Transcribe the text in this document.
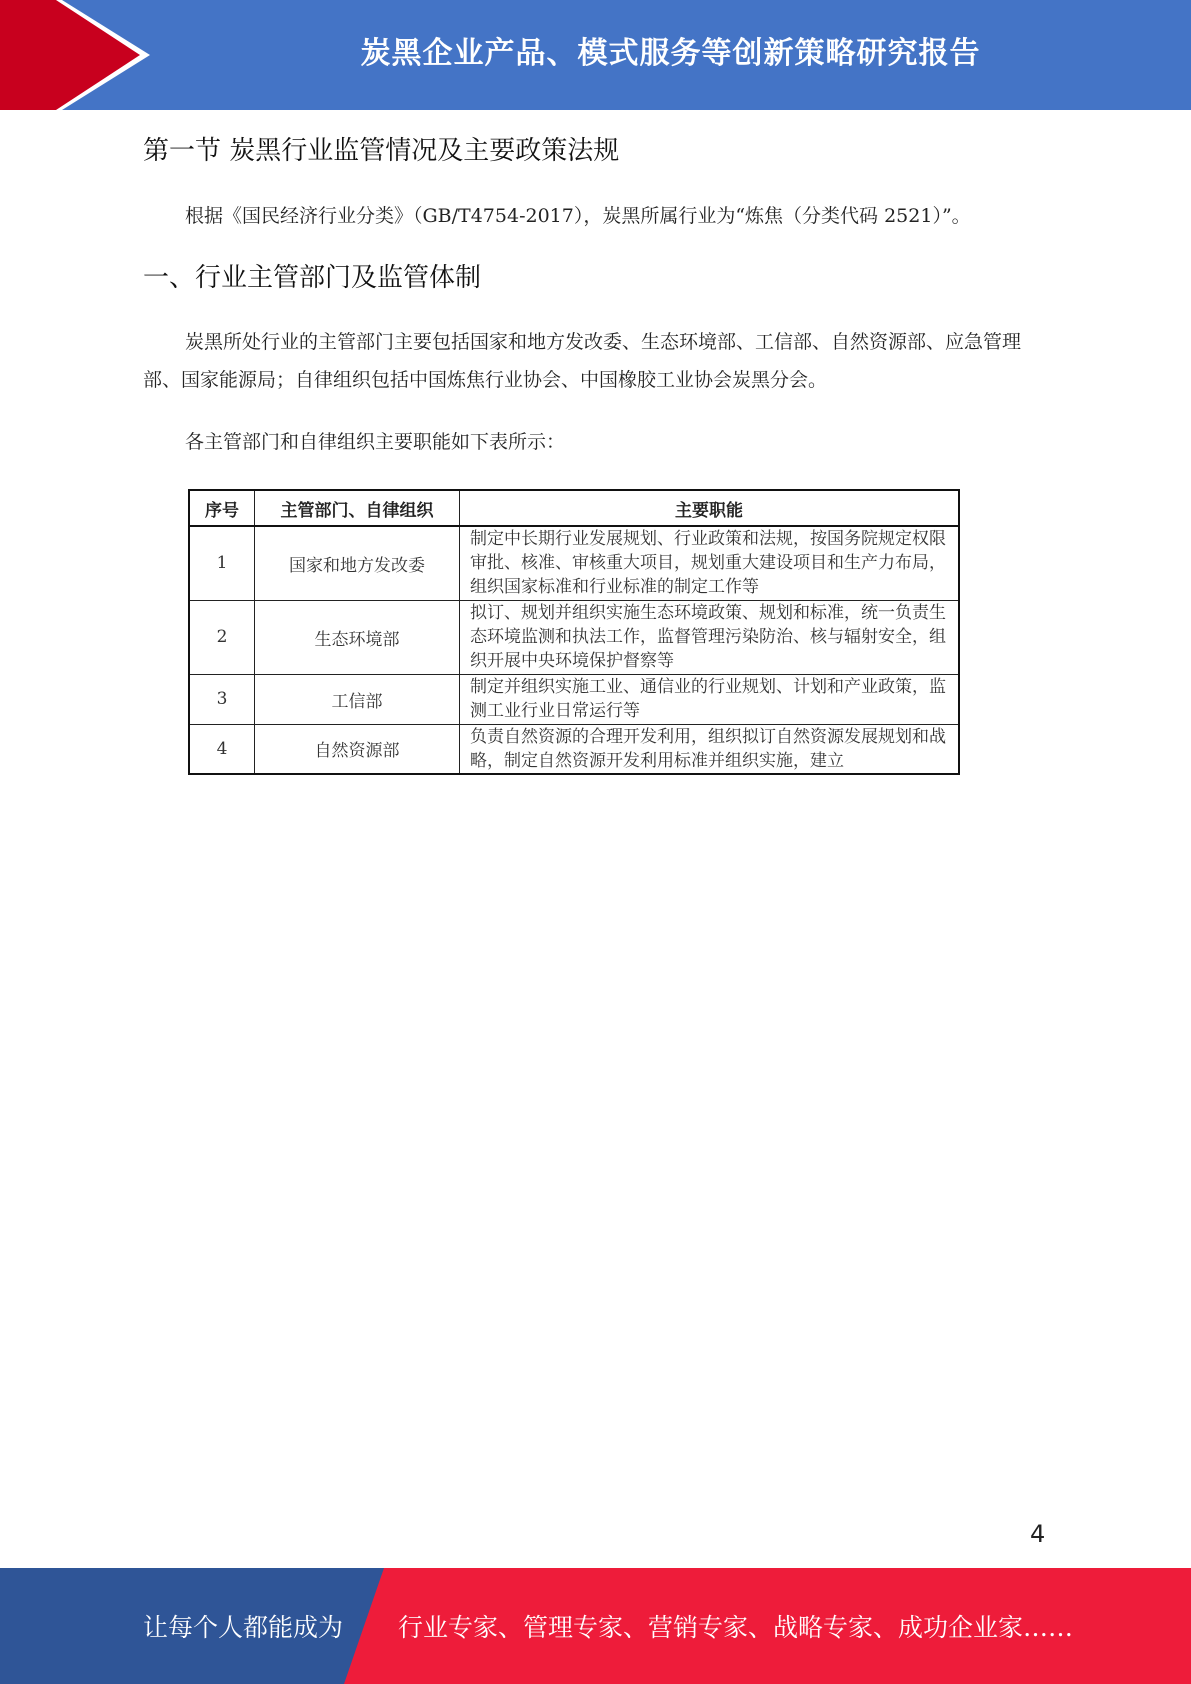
炭黑企业产品、模式服务等创新策略研究报告
第一节 炭黑行业监管情况及主要政策法规
根据《国民经济行业分类》（GB/T4754-2017），炭黑所属行业为“炼焦（分类代码 2521）”。
一、行业主管部门及监管体制
炭黑所处行业的主管部门主要包括国家和地方发改委、生态环境部、工信部、自然资源部、应急管理部、国家能源局；自律组织包括中国炼焦行业协会、中国橡胶工业协会炭黑分会。
各主管部门和自律组织主要职能如下表所示：
序号	主管部门、自律组织	主要职能
1	国家和地方发改委	制定中长期行业发展规划、行业政策和法规，按国务院规定权限审批、核准、审核重大项目，规划重大建设项目和生产力布局，组织国家标准和行业标准的制定工作等
2	生态环境部	拟订、规划并组织实施生态环境政策、规划和标准，统一负责生态环境监测和执法工作，监督管理污染防治、核与辐射安全，组织开展中央环境保护督察等
3	工信部	制定并组织实施工业、通信业的行业规划、计划和产业政策，监测工业行业日常运行等
4	自然资源部	负责自然资源的合理开发利用，组织拟订自然资源发展规划和战略，制定自然资源开发利用标准并组织实施，建立
4
让每个人都能成为 行业专家、管理专家、营销专家、战略专家、成功企业家……
